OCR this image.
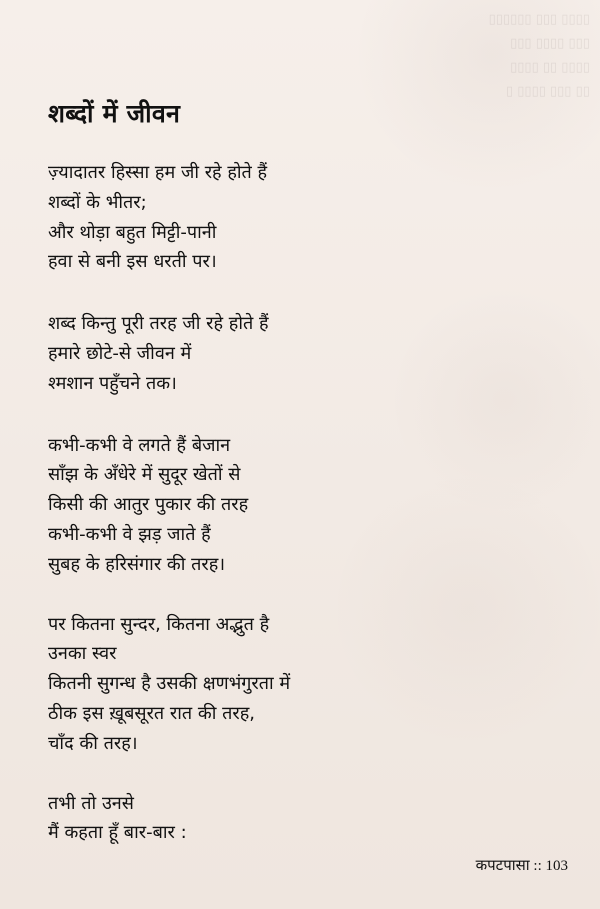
▯▯▯▯ ▯▯▯ ▯▯▯▯▯▯
▯▯▯ ▯▯▯▯ ▯▯▯
▯▯▯▯ ▯▯ ▯▯▯▯
▯▯ ▯▯▯ ▯▯▯▯ ▯
शब्दों में जीवन
ज़्यादातर हिस्सा हम जी रहे होते हैं
शब्दों के भीतर;
और थोड़ा बहुत मिट्टी-पानी
हवा से बनी इस धरती पर।
शब्द किन्तु पूरी तरह जी रहे होते हैं
हमारे छोटे-से जीवन में
श्मशान पहुँचने तक।
कभी-कभी वे लगते हैं बेजान
साँझ के अँधेरे में सुदूर खेतों से
किसी की आतुर पुकार की तरह
कभी-कभी वे झड़ जाते हैं
सुबह के हरिसंगार की तरह।
पर कितना सुन्दर, कितना अद्भुत है
उनका स्वर
कितनी सुगन्ध है उसकी क्षणभंगुरता में
ठीक इस ख़ूबसूरत रात की तरह,
चाँद की तरह।
तभी तो उनसे
मैं कहता हूँ बार-बार :
कपटपासा :: 103
